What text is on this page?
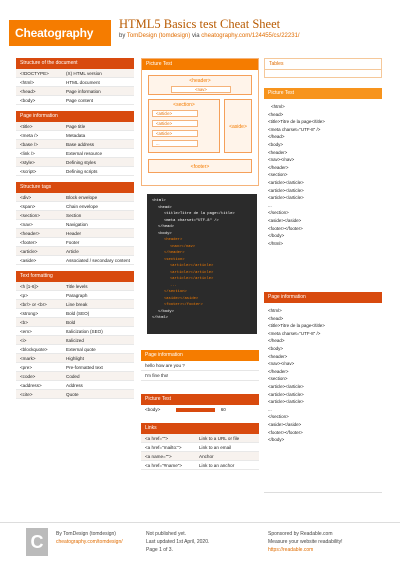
Cheatography
HTML5 Basics test Cheat Sheet
by TomDesign (tomdesign) via cheatography.com/124455/cs/22231/
Structure of the document
<!DOCTYPE>	(X) HTML version
<html>	HTML document
<head>	Page information
<body>	Page content
Page information
<title>	Page title
<meta />	Metadata
<base />	Base address
<link />	External resource
<style>	Defining styles
<script>	Defining scripts
Structure tags
<div>	Block envelope
<span>	Chain envelope
<section>	Section
<nav>	Navigation
<header>	Header
<footer>	Footer
<article>	Article
<aside>	Associated / secondary content
Text formatting
<h [1-6]>	Title levels
<p>	Paragraph
<br/> or <br>	Line break
<strong>	Bold (SEO)
<b>	Bold
<em>	Italicization (SEO)
<i>	Italicized
<blockquote>	External quote
<mark>	Highlight
<pre>	Pre-formatted text
<code>	Coded
<address>	Address
<cite>	Quote
Picture Test
<header>
<nav>
<section>
<article>
<article>
<article>
...
<aside>
<footer>
<html>
<head>
<title>Titre de la page</title>
<meta charset="UTF-8" />
</head>
<body>
<header>
<nav></nav>
</header>
<section>
<article></article>
<article></article>
<article></article>
...
</section>
<aside></aside>
<footer></footer>
</body>
</html>
Page information
hello how are you ?
I'm fine thx!
Picture Test
<body>	60
Links
<a href="">	Link to a URL or file
<a href="mailto:">	Link to an email
<a name="">	Anchor
<a href="#name">	Link to an anchor
Tables
Picture Test
<html>
<head>
<title>Titre de la page</title>
<meta charset="UTF-8" />
</head>
<body>
<header>
<nav></nav>
</header>
<section>
<article></article>
<article></article>
<article></article>
...
</section>
<aside></aside>
<footer></footer>
</body>
</html>
Page information
<html>
<head>
<title>Titre de la page</title>
<meta charset="UTF-8" />
</head>
<body>
<header>
<nav></nav>
</header>
<section>
<article></article>
<article></article>
<article></article>
...
</section>
<aside></aside>
<footer></footer>
</body>
C	By TomDesign (tomdesign)
cheatography.com/tomdesign/
Not published yet.
Last updated 1st April, 2020.
Page 1 of 3.
Sponsored by Readable.com
Measure your website readability!
https://readable.com
